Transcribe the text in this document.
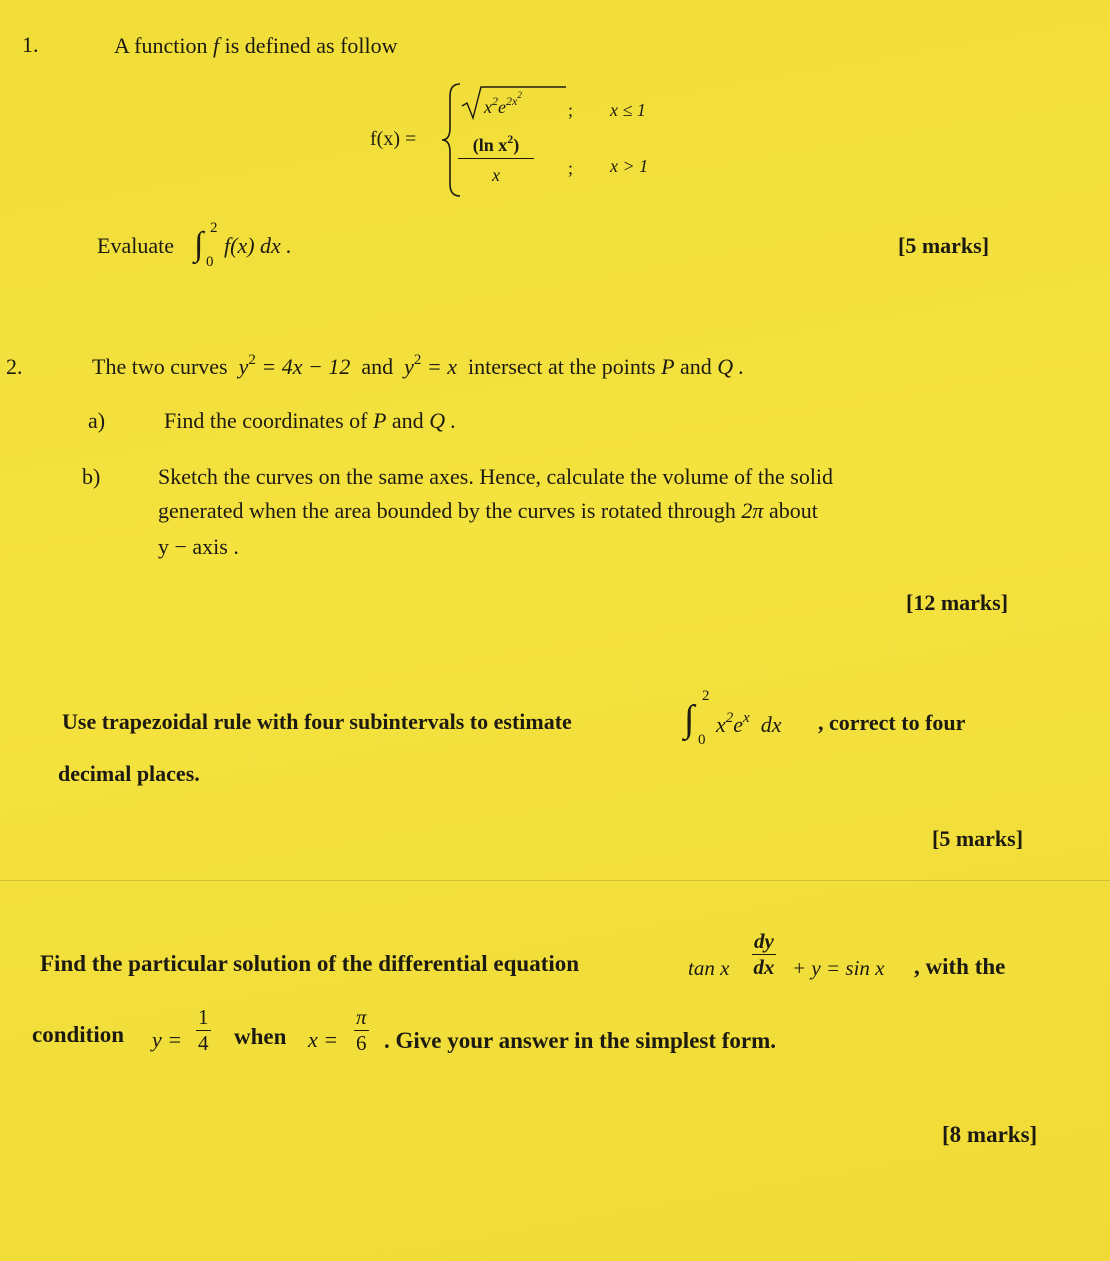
1.	A function f is defined as follow
f(x) =
$x^2e^{2x2}$
; x ≤ 1
(ln $x^2$)
x	; x > 1
Evaluate ∫ 2
0
f(x) dx .	[5 marks]
2.	The two curves $y^2 = 4x - 12$ and $y^2 = x$ intersect at the points P and Q .
a)	Find the coordinates of P and Q .
b)	Sketch the curves on the same axes. Hence, calculate the volume of the solid
generated when the area bounded by the curves is rotated through 2π about
y − axis .
[12 marks]
Use trapezoidal rule with four subintervals to estimate	∫
2
0
$x^2e^x$ dx , correct to four
decimal places.
[5 marks]
Find the particular solution of the differential equation	tan x $\frac{dy}{dx} + y = \sin x$ , with the
condition $y = \frac{1}{4}$ when $x = \frac{\pi}{6}$ . Give your answer in the simplest form.
[8 marks]
